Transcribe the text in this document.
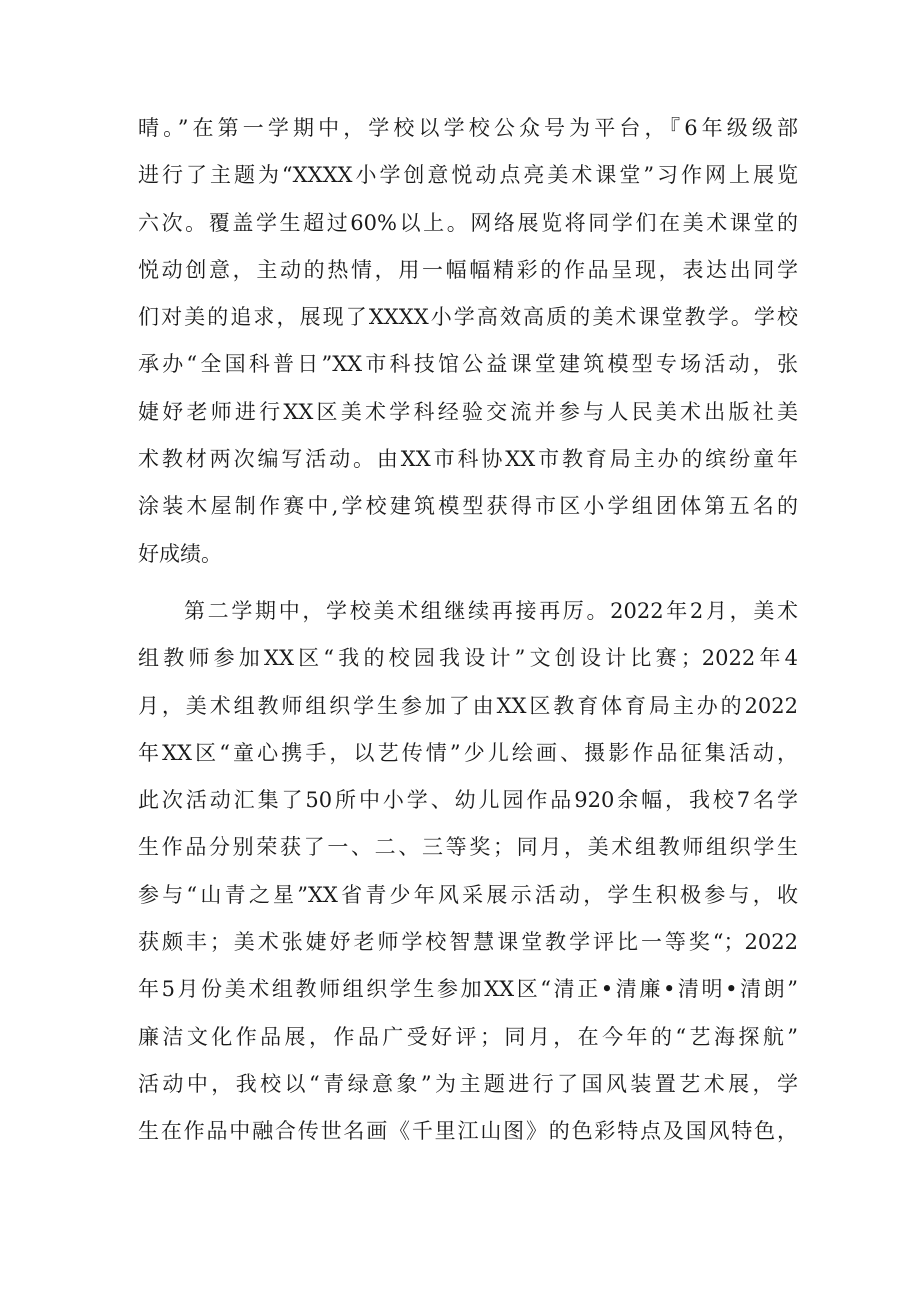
晴。”在第一学期中，学校以学校公众号为平台，『6年级级部
进行了主题为“XXXX小学创意悦动点亮美术课堂”习作网上展览
六次。覆盖学生超过60%以上。网络展览将同学们在美术课堂的
悦动创意，主动的热情，用一幅幅精彩的作品呈现，表达出同学
们对美的追求，展现了XXXX小学高效高质的美术课堂教学。学校
承办“全国科普日”XX市科技馆公益课堂建筑模型专场活动，张
婕妤老师进行XX区美术学科经验交流并参与人民美术出版社美
术教材两次编写活动。由XX市科协XX市教育局主办的缤纷童年
涂装木屋制作赛中,学校建筑模型获得市区小学组团体第五名的
好成绩。
第二学期中，学校美术组继续再接再厉。2022年2月，美术
组教师参加XX区“我的校园我设计”文创设计比赛；2022年4
月，美术组教师组织学生参加了由XX区教育体育局主办的2022
年XX区“童心携手，以艺传情”少儿绘画、摄影作品征集活动，
此次活动汇集了50所中小学、幼儿园作品920余幅，我校7名学
生作品分别荣获了一、二、三等奖；同月，美术组教师组织学生
参与“山青之星”XX省青少年风采展示活动，学生积极参与，收
获颇丰；美术张婕妤老师学校智慧课堂教学评比一等奖“；2022
年5月份美术组教师组织学生参加XX区“清正•清廉•清明•清朗”
廉洁文化作品展，作品广受好评；同月，在今年的“艺海探航”
活动中，我校以“青绿意象”为主题进行了国风装置艺术展，学
生在作品中融合传世名画《千里江山图》的色彩特点及国风特色，
